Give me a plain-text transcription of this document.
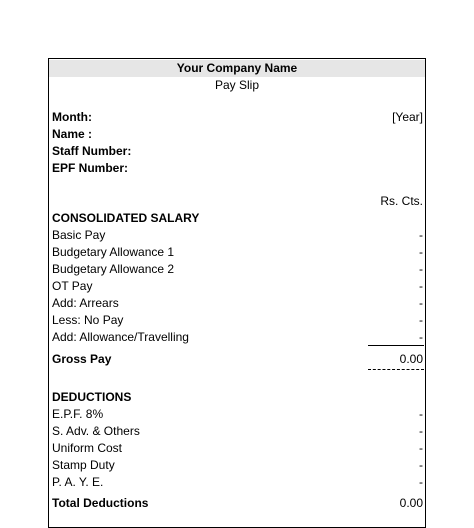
Your Company Name
Pay Slip
Month:	[Year]
Name :
Staff Number:
EPF Number:
Rs. Cts.
CONSOLIDATED SALARY
Basic Pay	-
Budgetary Allowance 1	-
Budgetary Allowance 2	-
OT Pay	-
Add: Arrears	-
Less: No Pay	-
Add: Allowance/Travelling	-
Gross Pay	0.00
DEDUCTIONS
E.P.F. 8%	-
S. Adv. & Others	-
Uniform Cost	-
Stamp Duty	-
P. A. Y. E.	-
Total Deductions	0.00
